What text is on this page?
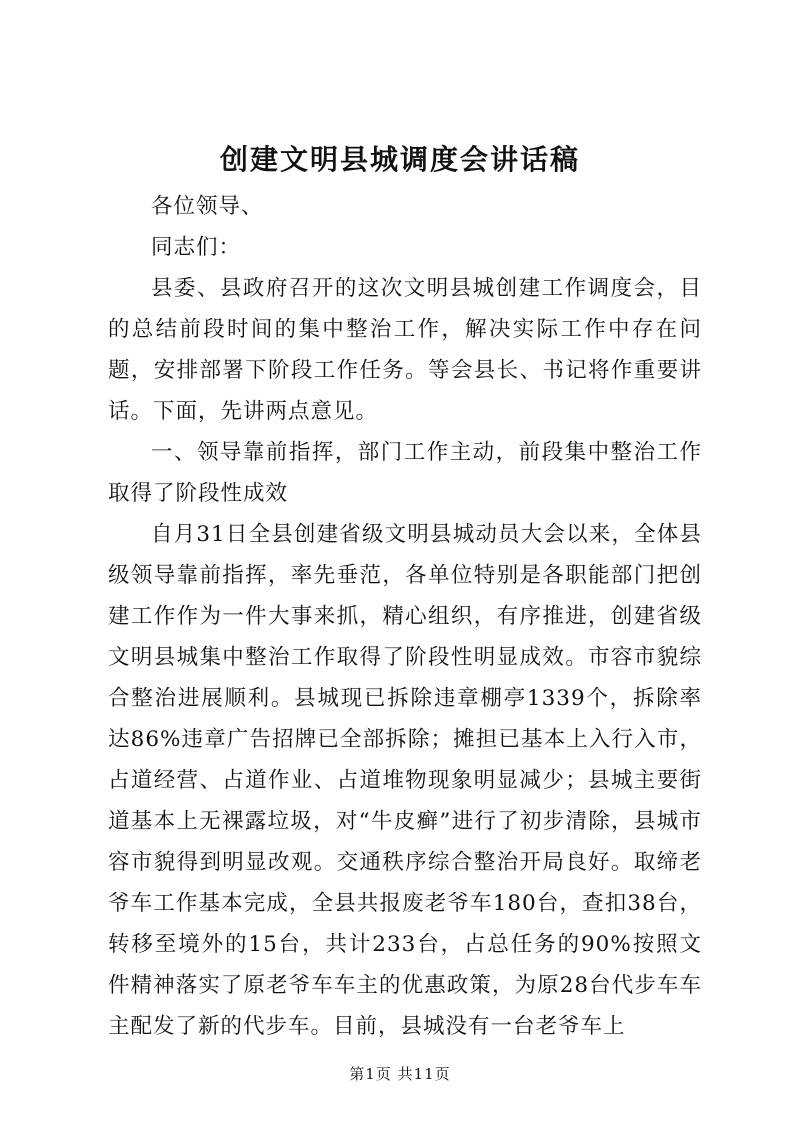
创建文明县城调度会讲话稿

各位领导、

同志们：

县委、县政府召开的这次文明县城创建工作调度会，目的总结前段时间的集中整治工作，解决实际工作中存在问题，安排部署下阶段工作任务。等会县长、书记将作重要讲话。下面，先讲两点意见。

一、领导靠前指挥，部门工作主动，前段集中整治工作取得了阶段性成效

自月31日全县创建省级文明县城动员大会以来，全体县级领导靠前指挥，率先垂范，各单位特别是各职能部门把创建工作作为一件大事来抓，精心组织，有序推进，创建省级文明县城集中整治工作取得了阶段性明显成效。市容市貌综合整治进展顺利。县城现已拆除违章棚亭1339个，拆除率达86%违章广告招牌已全部拆除；摊担已基本上入行入市，占道经营、占道作业、占道堆物现象明显减少；县城主要街道基本上无裸露垃圾，对“牛皮癣”进行了初步清除，县城市容市貌得到明显改观。交通秩序综合整治开局良好。取缔老爷车工作基本完成，全县共报废老爷车180台，查扣38台，转移至境外的15台，共计233台，占总任务的90%按照文件精神落实了原老爷车车主的优惠政策，为原28台代步车车主配发了新的代步车。目前，县城没有一台老爷车上

第1页 共11页
